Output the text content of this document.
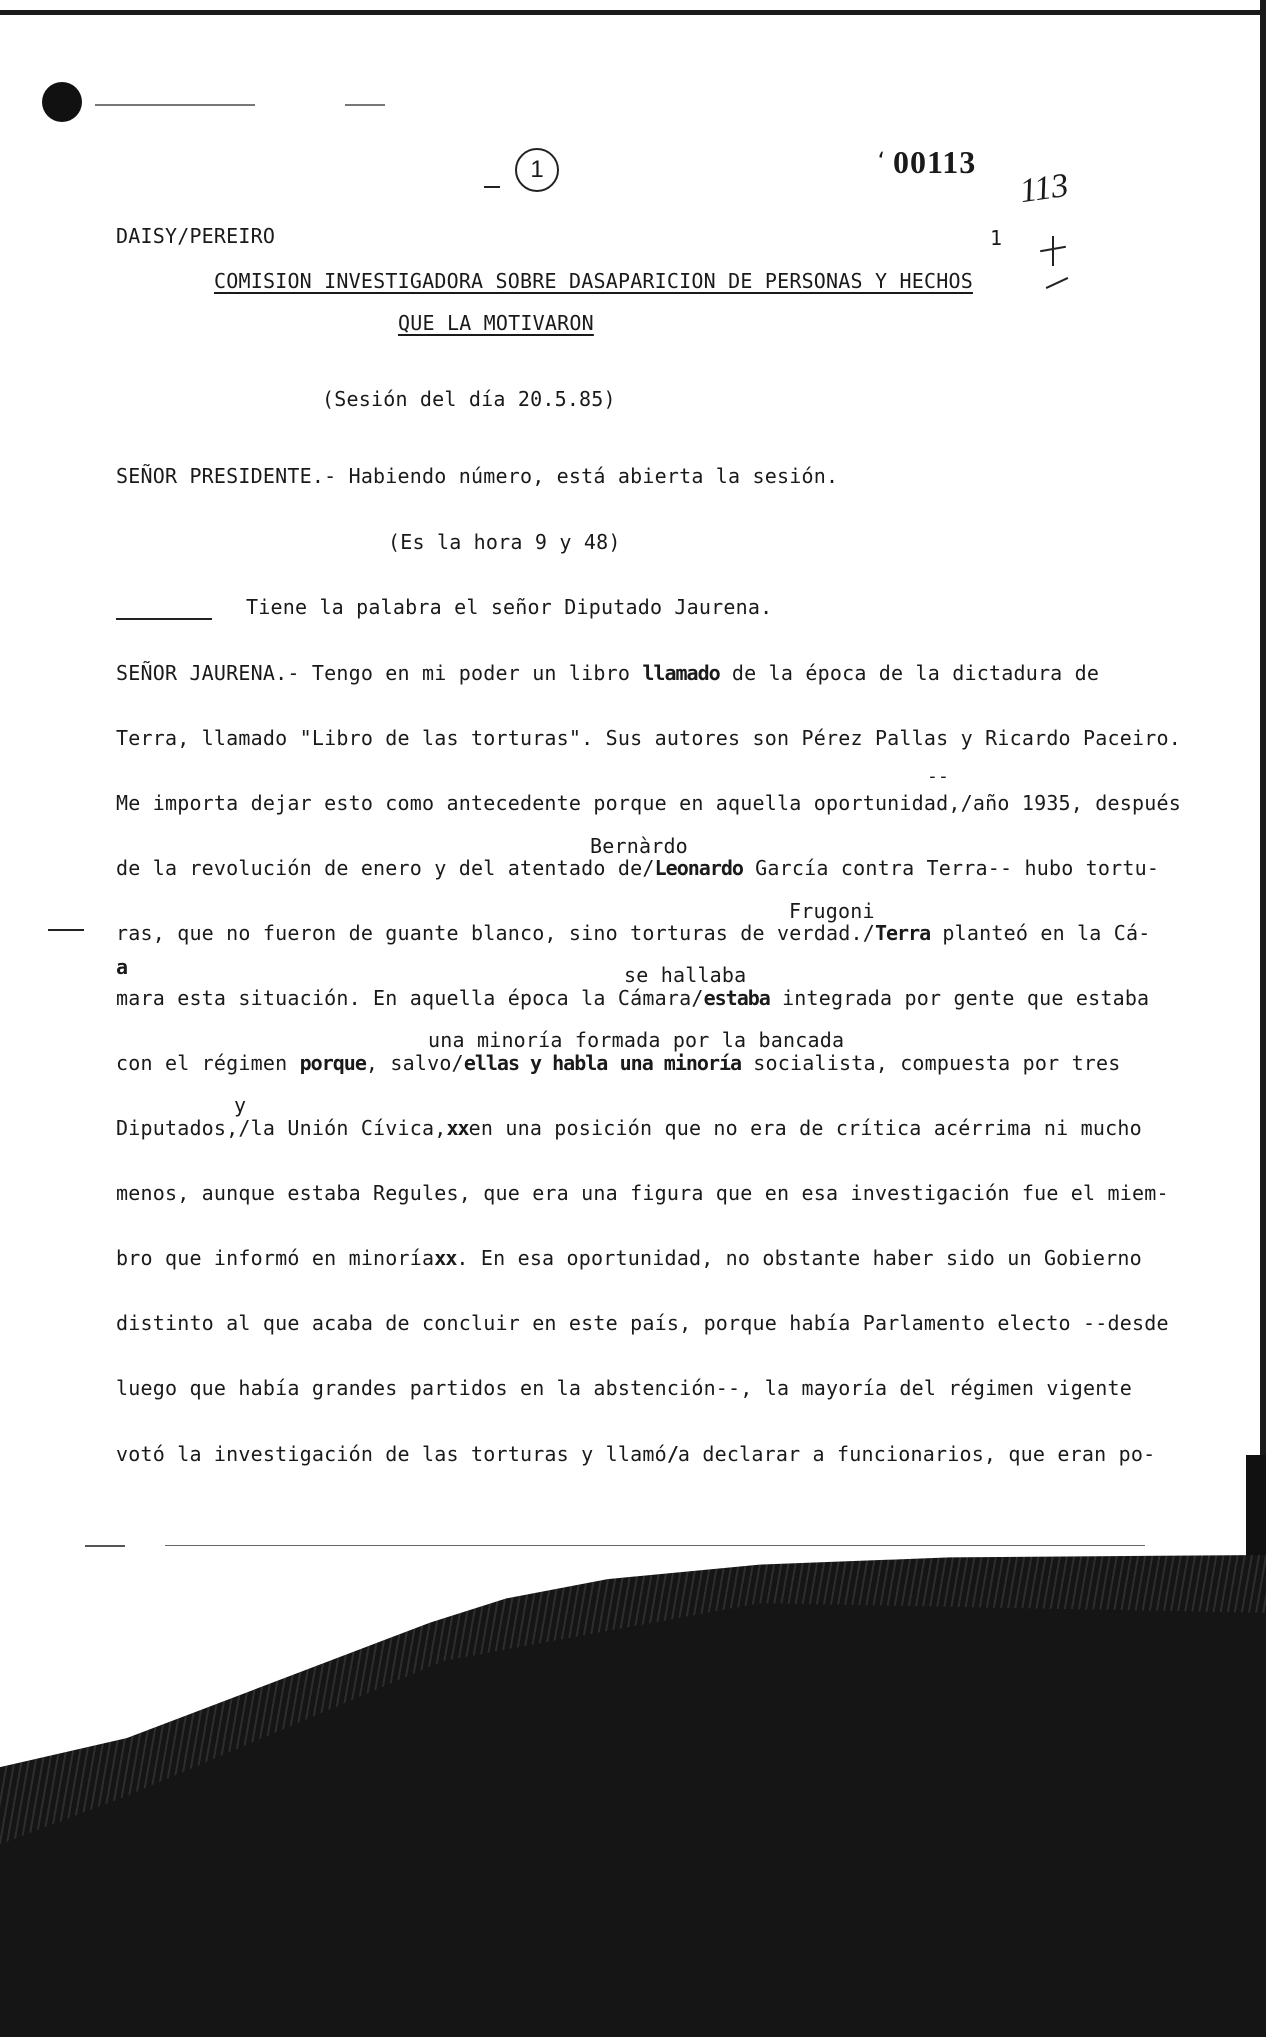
1	ʻ 00113
DAISY/PEREIRO	1
113
COMISION INVESTIGADORA SOBRE DASAPARICION DE PERSONAS Y HECHOS
QUE LA MOTIVARON
(Sesión del día 20.5.85)
SEÑOR PRESIDENTE.- Habiendo número, está abierta la sesión.
(Es la hora 9 y 48)
Tiene la palabra el señor Diputado Jaurena.
SEÑOR JAURENA.- Tengo en mi poder un libro llamado de la época de la dictadura de
Terra, llamado "Libro de las torturas". Sus autores son Pérez Pallas y Ricardo Paceiro.
--
Me importa dejar esto como antecedente porque en aquella oportunidad,/año 1935, después
Bernàrdo
de la revolución de enero y del atentado de/Leonardo García contra Terra-- hubo tortu-
Frugoni
ras, que no fueron de guante blanco, sino torturas de verdad./Terra planteó en la Cá-
a	se hallaba
mara esta situación. En aquella época la Cámara/estaba integrada por gente que estaba
una minoría formada por la bancada
con el régimen porque, salvo/ellas y habla una minoría socialista, compuesta por tres
y
Diputados,/la Unión Cívica,xxen una posición que no era de crítica acérrima ni mucho
menos, aunque estaba Regules, que era una figura que en esa investigación fue el miem-
bro que informó en minoríaxx. En esa oportunidad, no obstante haber sido un Gobierno
distinto al que acaba de concluir en este país, porque había Parlamento electo --desde
luego que había grandes partidos en la abstención--, la mayoría del régimen vigente
votó la investigación de las torturas y llamó/a declarar a funcionarios, que eran po-
